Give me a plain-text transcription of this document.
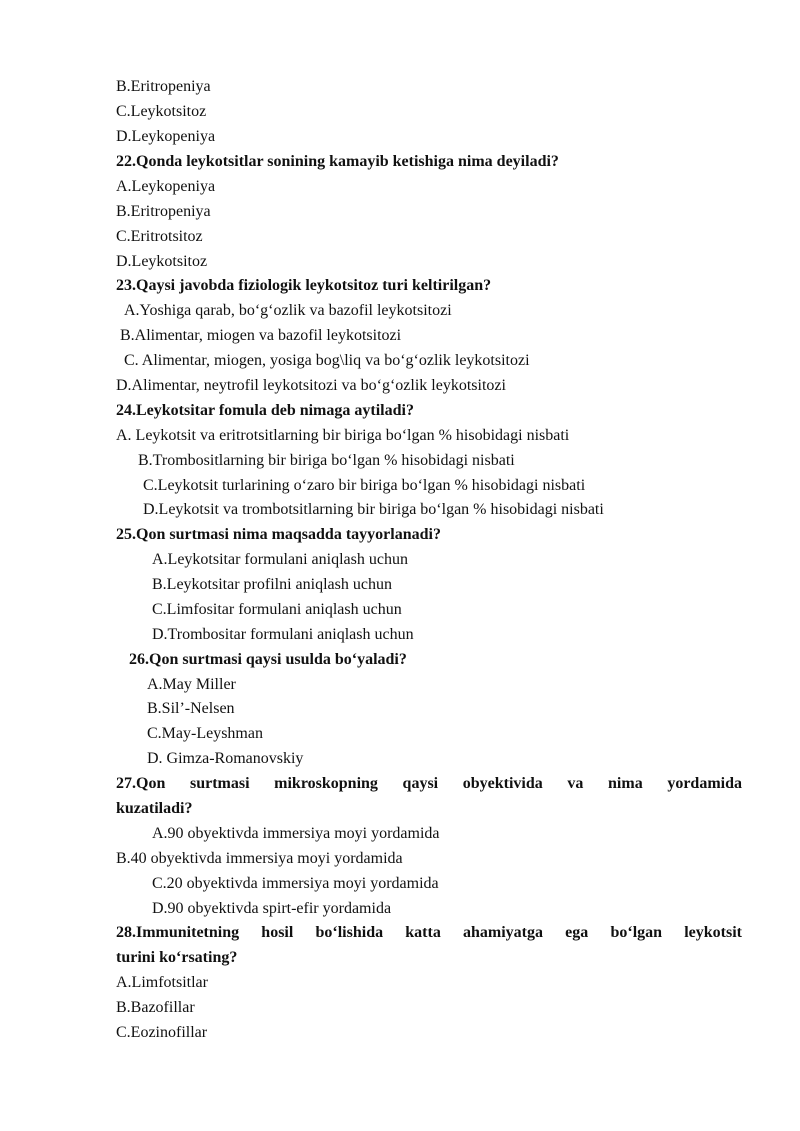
B.Eritropeniya
C.Leykotsitoz
D.Leykopeniya
22.Qonda leykotsitlar sonining kamayib ketishiga nima deyiladi?
A.Leykopeniya
B.Eritropeniya
C.Eritrotsitoz
D.Leykotsitoz
23.Qaysi javobda fiziologik leykotsitoz turi keltirilgan?
A.Yoshiga qarab, bo‘g‘ozlik va bazofil leykotsitozi
B.Alimentar, miogen va bazofil leykotsitozi
C. Alimentar, miogen, yosiga bog\liq va bo‘g‘ozlik leykotsitozi
D.Alimentar, neytrofil leykotsitozi va bo‘g‘ozlik leykotsitozi
24.Leykotsitar fomula deb nimaga aytiladi?
A. Leykotsit va eritrotsitlarning bir biriga bo‘lgan % hisobidagi nisbati
B.Trombositlarning bir biriga bo‘lgan % hisobidagi nisbati
C.Leykotsit turlarining o‘zaro bir biriga bo‘lgan % hisobidagi nisbati
D.Leykotsit va trombotsitlarning bir biriga bo‘lgan % hisobidagi nisbati
25.Qon surtmasi nima maqsadda tayyorlanadi?
A.Leykotsitar formulani aniqlash uchun
B.Leykotsitar profilni aniqlash uchun
C.Limfositar formulani aniqlash uchun
D.Trombositar formulani aniqlash uchun
26.Qon surtmasi qaysi usulda bo‘yaladi?
A.May Miller
B.Sil’-Nelsen
C.May-Leyshman
D. Gimza-Romanovskiy
27.Qon surtmasi mikroskopning qaysi obyektivida va nima yordamida
kuzatiladi?
A.90 obyektivda immersiya moyi yordamida
B.40 obyektivda immersiya moyi yordamida
C.20 obyektivda immersiya moyi yordamida
D.90 obyektivda spirt-efir yordamida
28.Immunitetning hosil bo‘lishida katta ahamiyatga ega bo‘lgan leykotsit
turini ko‘rsating?
A.Limfotsitlar
B.Bazofillar
C.Eozinofillar
